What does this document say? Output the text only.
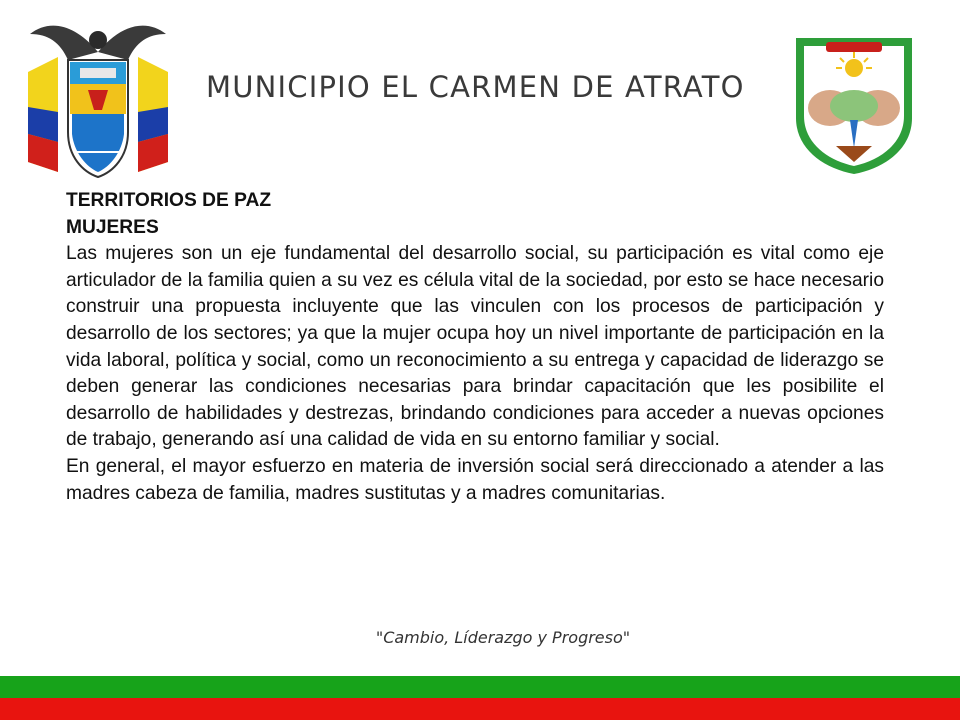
MUNICIPIO EL CARMEN DE ATRATO
TERRITORIOS DE PAZ
MUJERES

Las mujeres son un eje fundamental del desarrollo social, su participación es vital como eje articulador de la familia quien a su vez es célula vital de la sociedad, por esto se hace necesario construir una propuesta incluyente que las vinculen con los procesos de participación y desarrollo de los sectores; ya que la mujer ocupa hoy un nivel importante de participación en la vida laboral, política y social, como un reconocimiento a su entrega y capacidad de liderazgo se deben generar las condiciones necesarias para brindar capacitación que les posibilite el desarrollo de habilidades y destrezas, brindando condiciones para acceder a nuevas opciones de trabajo, generando así una calidad de vida en su entorno familiar y social.

En general, el mayor esfuerzo en materia de inversión social será direccionado a atender a las madres cabeza de familia, madres sustitutas y a madres comunitarias.

"Cambio, Líderazgo y Progreso"
